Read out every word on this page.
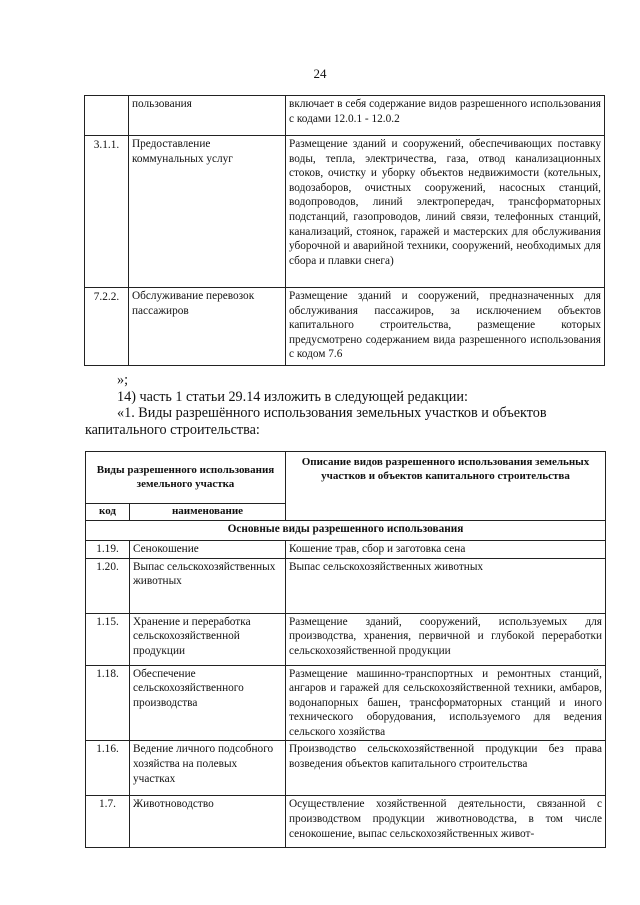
24
	пользования	включает в себя содержание видов разрешенного использования с кодами 12.0.1 - 12.0.2
3.1.1.	Предоставление коммунальных услуг	Размещение зданий и сооружений, обеспечивающих поставку воды, тепла, электричества, газа, отвод канализационных стоков, очистку и уборку объектов недвижимости (котельных, водозаборов, очистных сооружений, насосных станций, водопроводов, линий электропередач, трансформаторных подстанций, газопроводов, линий связи, телефонных станций, канализаций, стоянок, гаражей и мастерских для обслуживания уборочной и аварийной техники, сооружений, необходимых для сбора и плавки снега)
7.2.2.	Обслуживание перевозок пассажиров	Размещение зданий и сооружений, предназначенных для обслуживания пассажиров, за исключением объектов капитального строительства, размещение которых предусмотрено содержанием вида разрешенного использования с кодом 7.6
»;
14) часть 1 статьи 29.14 изложить в следующей редакции:
«1. Виды разрешённого использования земельных участков и объектов
капитального строительства:
Виды разрешенного использования земельного участка		Описание видов разрешенного использования земельных участков и объектов капитального строительства
код	наименование	
Основные виды разрешенного использования		
1.19.	Сенокошение	Кошение трав, сбор и заготовка сена
1.20.	Выпас сельскохозяйственных животных	Выпас сельскохозяйственных животных
1.15.	Хранение и переработка сельскохозяйственной продукции	Размещение зданий, сооружений, используемых для производства, хранения, первичной и глубокой переработки сельскохозяйственной продукции
1.18.	Обеспечение сельскохозяйственного производства	Размещение машинно-транспортных и ремонтных станций, ангаров и гаражей для сельскохозяйственной техники, амбаров, водонапорных башен, трансформаторных станций и иного технического оборудования, используемого для ведения сельского хозяйства
1.16.	Ведение личного подсобного хозяйства на полевых участках	Производство сельскохозяйственной продукции без права возведения объектов капитального строительства
1.7.	Животноводство	Осуществление хозяйственной деятельности, связанной с производством продукции животноводства, в том числе сенокошение, выпас сельскохозяйственных живот-
